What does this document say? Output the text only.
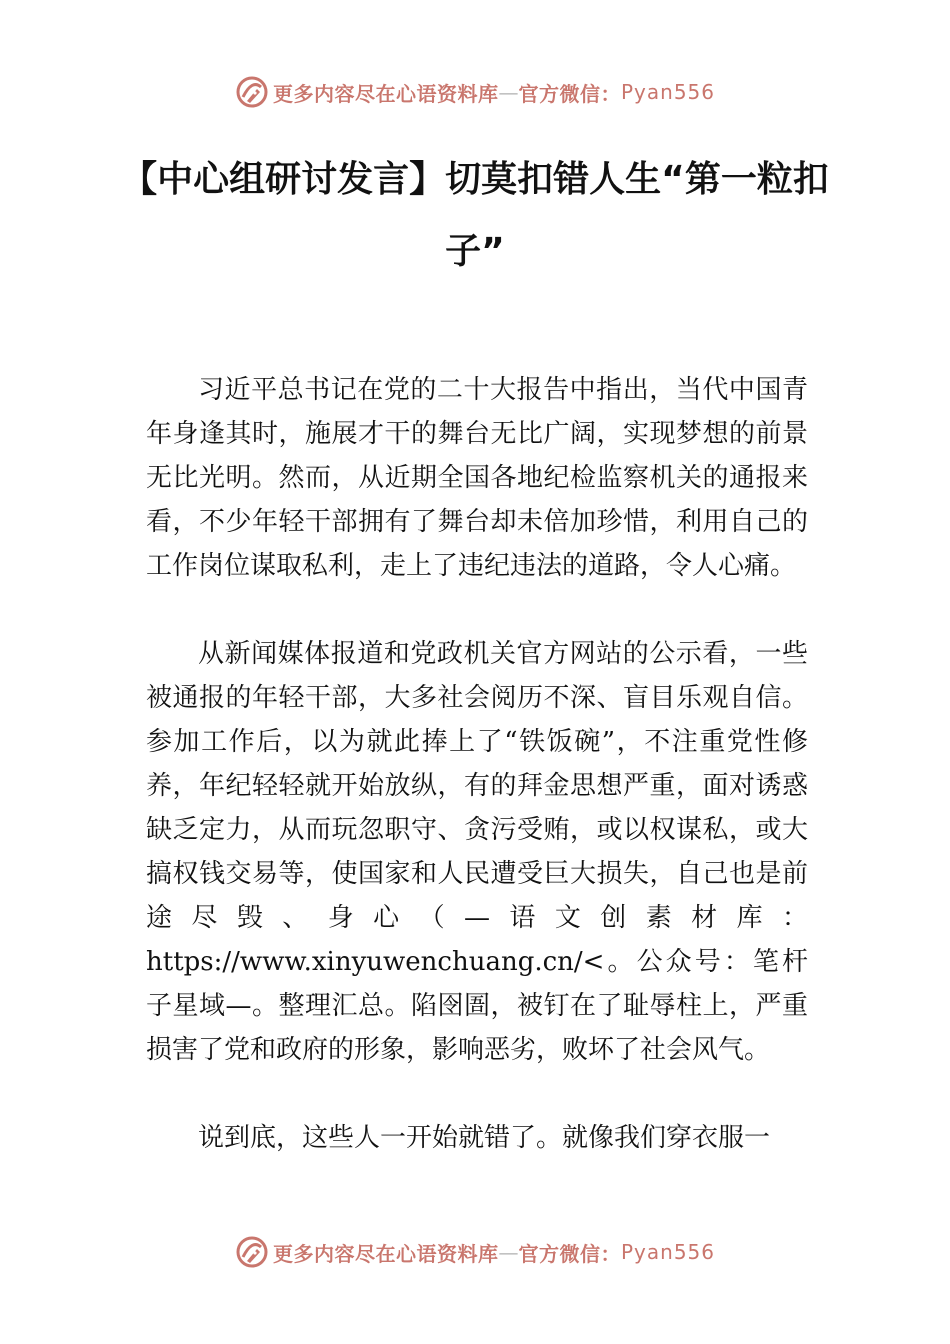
更多内容尽在心语资料库 — 官方微信： Pyan556
【中心组研讨发言】切莫扣错人生“第一粒扣子”

习近平总书记在党的二十大报告中指出，当代中国青年身逢其时，施展才干的舞台无比广阔，实现梦想的前景无比光明。然而，从近期全国各地纪检监察机关的通报来看，不少年轻干部拥有了舞台却未倍加珍惜，利用自己的工作岗位谋取私利，走上了违纪违法的道路，令人心痛。

从新闻媒体报道和党政机关官方网站的公示看，一些被通报的年轻干部，大多社会阅历不深、盲目乐观自信。参加工作后，以为就此捧上了“铁饭碗”，不注重党性修养，年纪轻轻就开始放纵，有的拜金思想严重，面对诱惑缺乏定力，从而玩忽职守、贪污受贿，或以权谋私，或大搞权钱交易等，使国家和人民遭受巨大损失，自己也是前途尽毁、身心（—语文创素材库：https://www.xinyuwenchuang.cn/<。公众号：笔杆子星域—。整理汇总。陷囹圄，被钉在了耻辱柱上，严重损害了党和政府的形象，影响恶劣，败坏了社会风气。

说到底，这些人一开始就错了。就像我们穿衣服一

更多内容尽在心语资料库 — 官方微信： Pyan556
